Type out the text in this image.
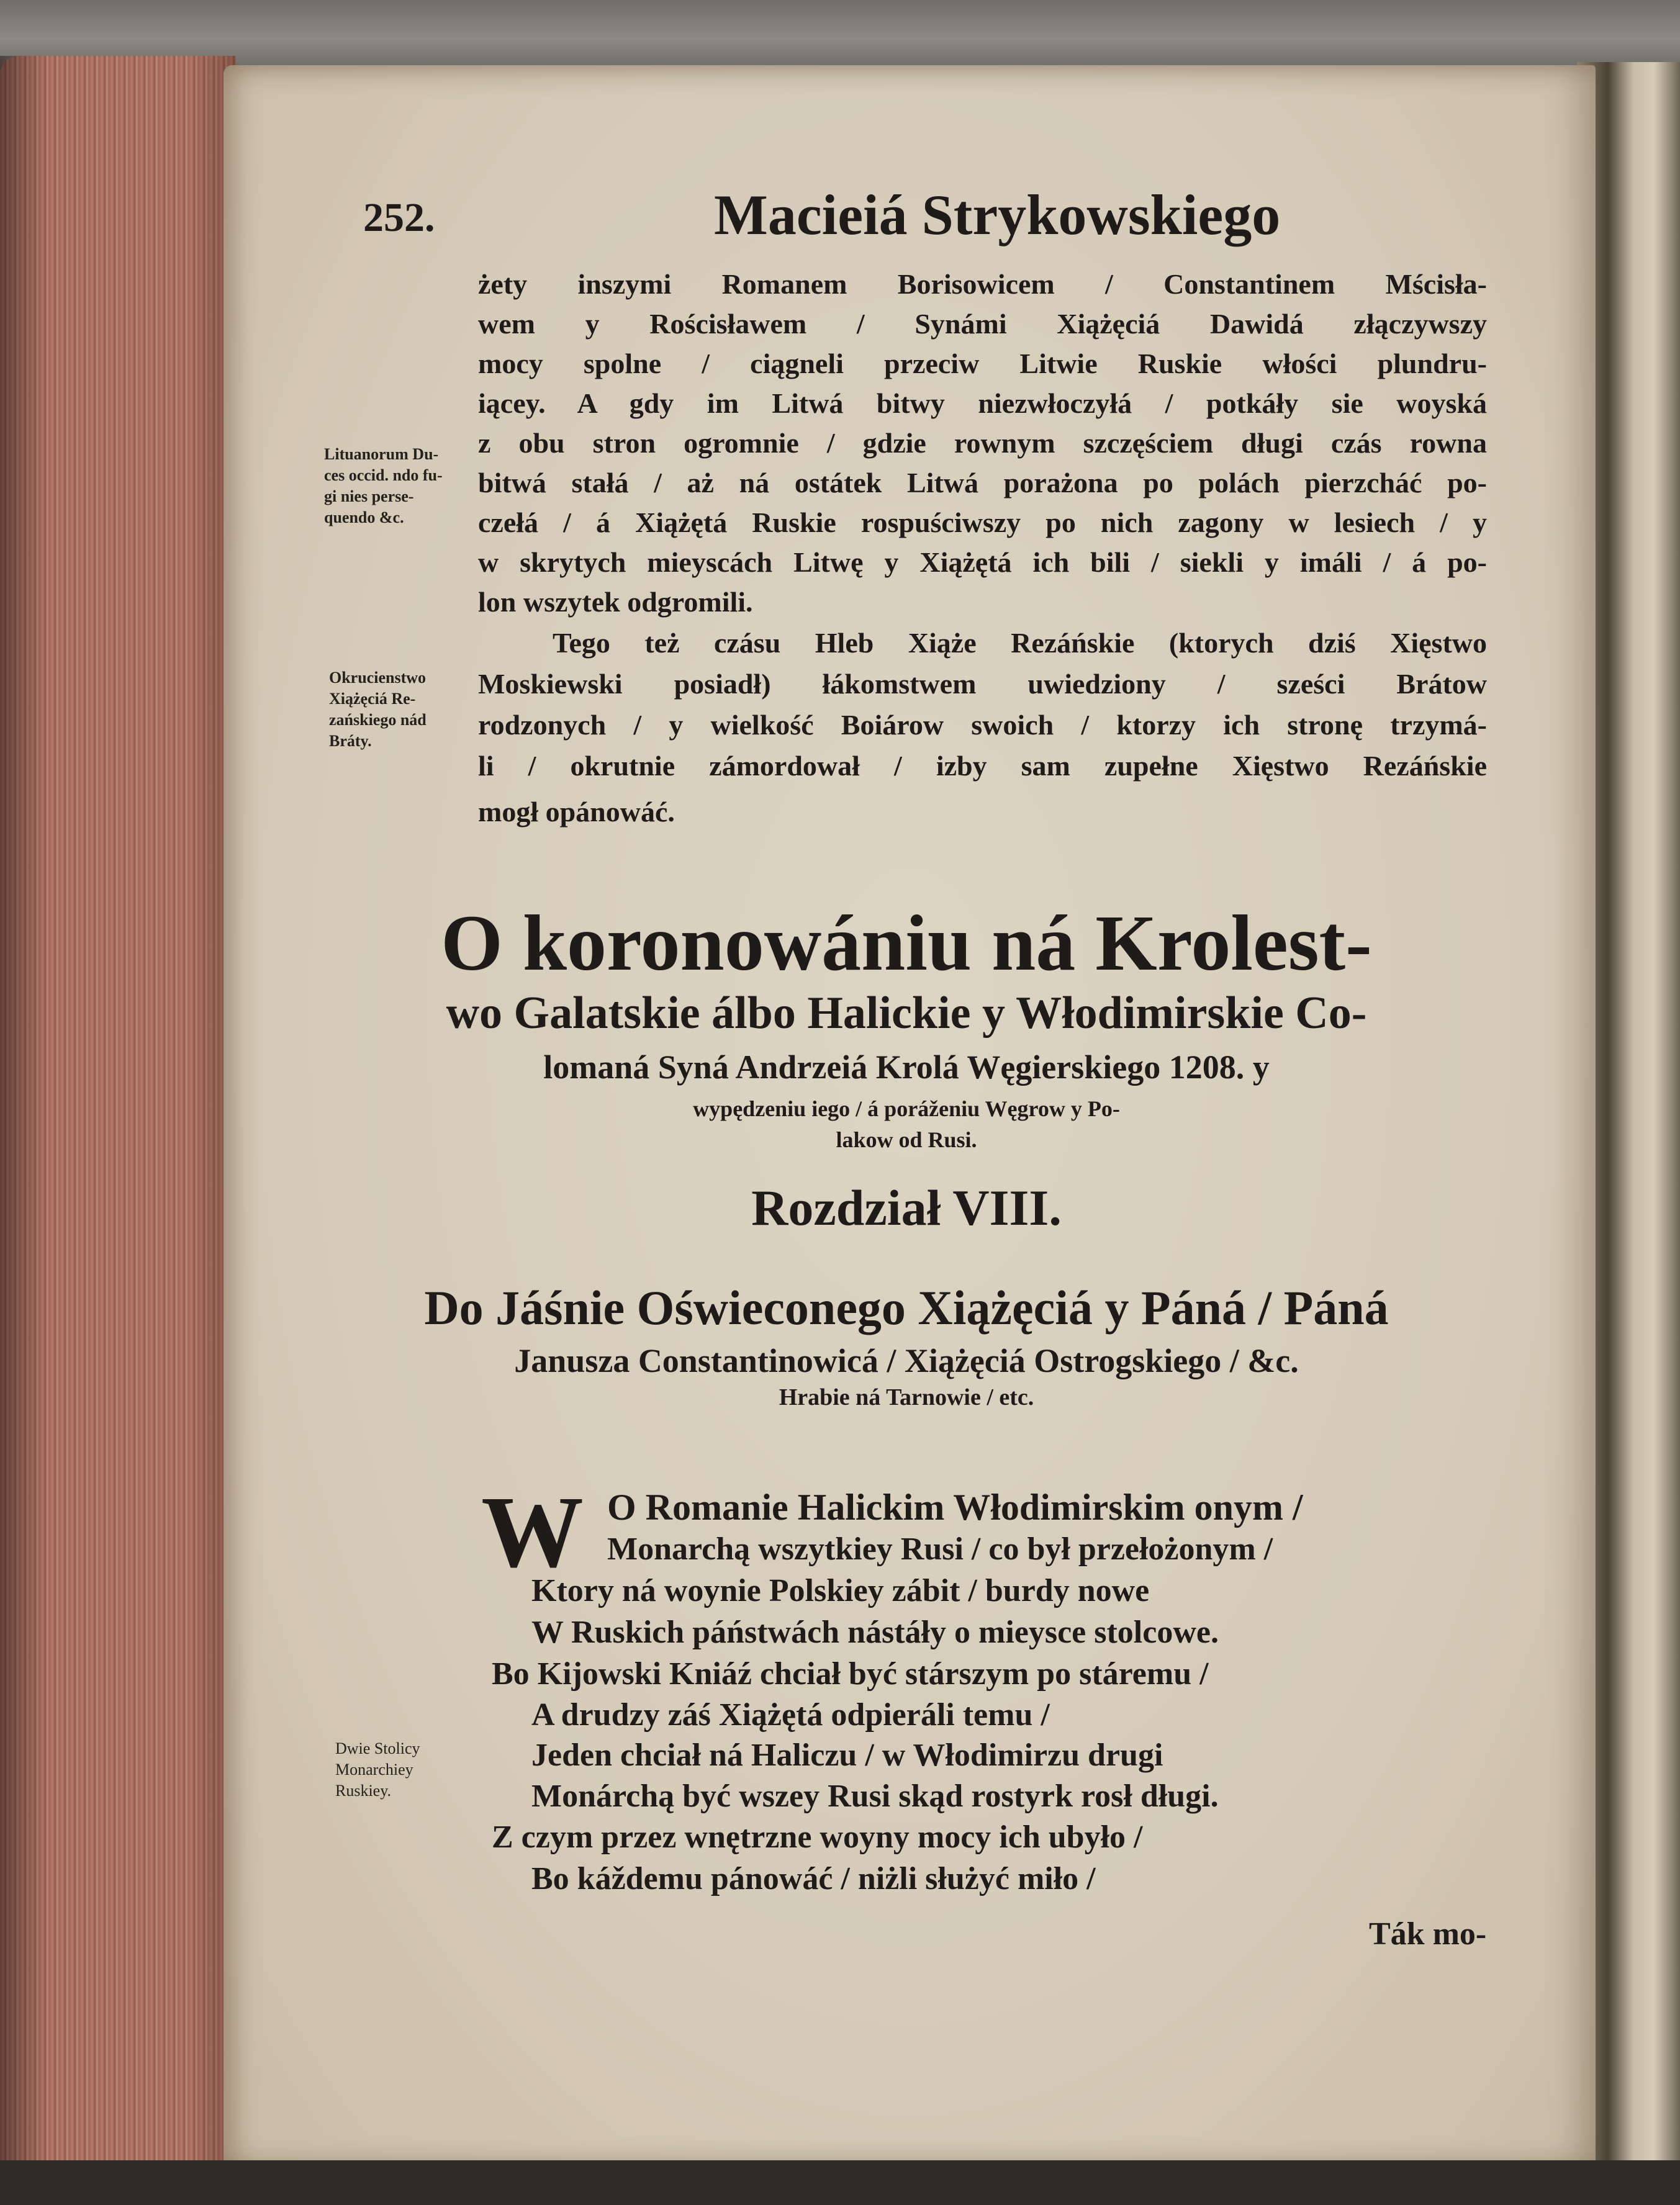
252.	Macieiá Strykowskiego
żety inszymi Romanem Borisowicem / Constantinem Mścisła-
wem y Rościsławem / Synámi Xiążęciá Dawidá złączywszy
mocy spolne / ciągneli przeciw Litwie Ruskie włości plundru-
iącey. A gdy im Litwá bitwy niezwłoczyłá / potkáły sie woyská
z obu stron ogromnie / gdzie rownym szczęściem długi czás rowna
bitwá stałá / aż ná ostátek Litwá porażona po polách pierzcháć po-
czełá / á Xiążętá Ruskie rospuściwszy po nich zagony w lesiech / y
w skrytych mieyscách Litwę y Xiążętá ich bili / siekli y imáli / á po-
lon wszytek odgromili.
Tego też czásu Hleb Xiąże Rezáńskie (ktorych dziś Xięstwo
Moskiewski posiadł) łákomstwem uwiedziony / sześci Brátow
rodzonych / y wielkość Boiárow swoich / ktorzy ich stronę trzymá-
li / okrutnie zámordował / izby sam zupełne Xięstwo Rezáńskie
mogł opánowáć.
Lituanorum Du-
ces occid. ndo fu-
gi nies perse-
quendo &c.
Okrucienstwo
Xiążęciá Re-
zańskiego nád
Bráty.
Dwie Stolicy
Monarchiey
Ruskiey.
O koronowániu ná Krolest-
wo Galatskie álbo Halickie y Włodimirskie Co-
lomaná Syná Andrzeiá Krolá Węgierskiego 1208. y
wypędzeniu iego / á poráženiu Węgrow y Po-
lakow od Rusi.
Rozdział VIII.
Do Jáśnie Oświeconego Xiążęciá y Páná / Páná
Janusza Constantinowicá / Xiążęciá Ostrogskiego / &c.
Hrabie ná Tarnowie / etc.
W O Romanie Halickim Włodimirskim onym /
Monarchą wszytkiey Rusi / co był przełożonym /
Ktory ná woynie Polskiey zábit / burdy nowe
W Ruskich páństwách nástáły o mieysce stolcowe.
Bo Kijowski Kniáź chciał być stárszym po stáremu /
A drudzy záś Xiążętá odpieráli temu /
Jeden chciał ná Haliczu / w Włodimirzu drugi
Monárchą być wszey Rusi skąd rostyrk rosł długi.
Z czym przez wnętrzne woyny mocy ich ubyło /
Bo káždemu pánowáć / niżli służyć miło /
Ták mo-
